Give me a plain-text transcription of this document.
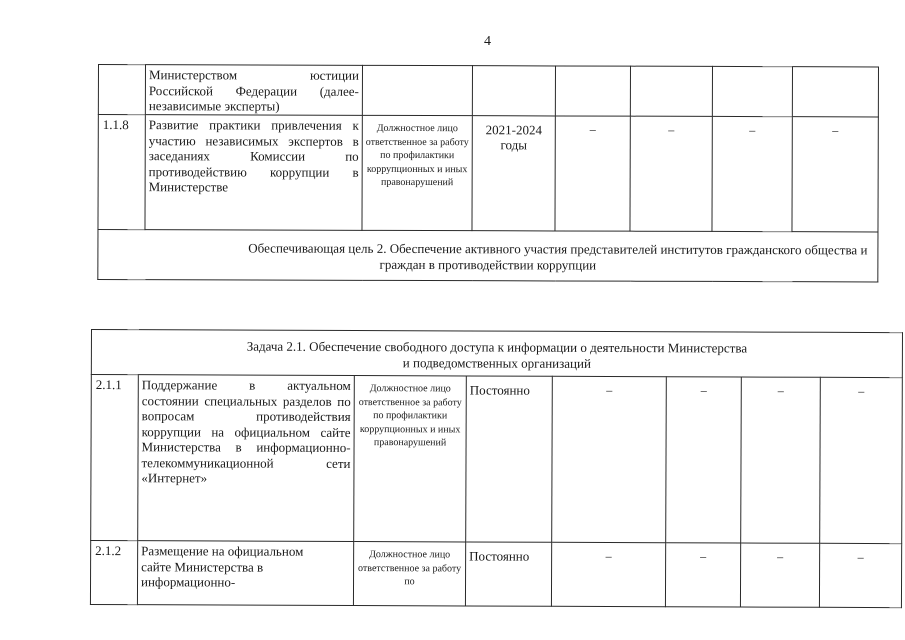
4

	Министерством юстиции
Российской Федерации (далее-
независимые эксперты)						

1.1.8	Развитие практики привлечения к участию независимых экспертов в заседаниях Комиссии по противодействию коррупции в Министерстве	Должностное лицо ответственное за работу по профилактики коррупционных и иных правонарушений	2021-2024 годы	–	–	–	–

Обеспечивающая цель 2. Обеспечение активного участия представителей институтов гражданского общества и
граждан в противодействии коррупции							
Задача 2.1. Обеспечение свободного доступа к информации о деятельности Министерства
и подведомственных организаций							

2.1.1	Поддержание в актуальном состоянии специальных разделов по вопросам противодействия коррупции на официальном сайте Министерства в информационно-телекоммуникационной сети «Интернет»	Должностное лицо ответственное за работу по профилактики коррупционных и иных правонарушений	Постоянно	–	–	–	–
2.1.2	Размещение на официальном
сайте Министерства в
информационно-	Должностное лицо ответственное за работу по	Постоянно	–	–	–	–
